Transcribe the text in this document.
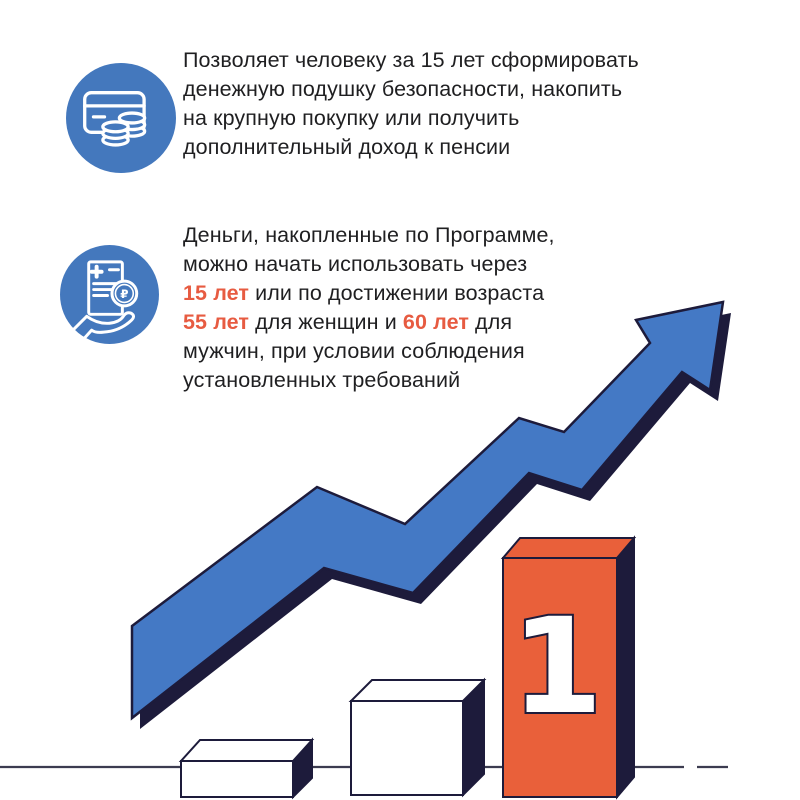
Позволяет человеку за 15 лет сформировать
денежную подушку безопасности, накопить
на крупную покупку или получить
дополнительный доход к пенсии

₽

Деньги, накопленные по Программе,
можно начать использовать через
15 лет или по достижении возраста
55 лет для женщин и 60 лет для
мужчин, при условии соблюдения
установленных требований

1
